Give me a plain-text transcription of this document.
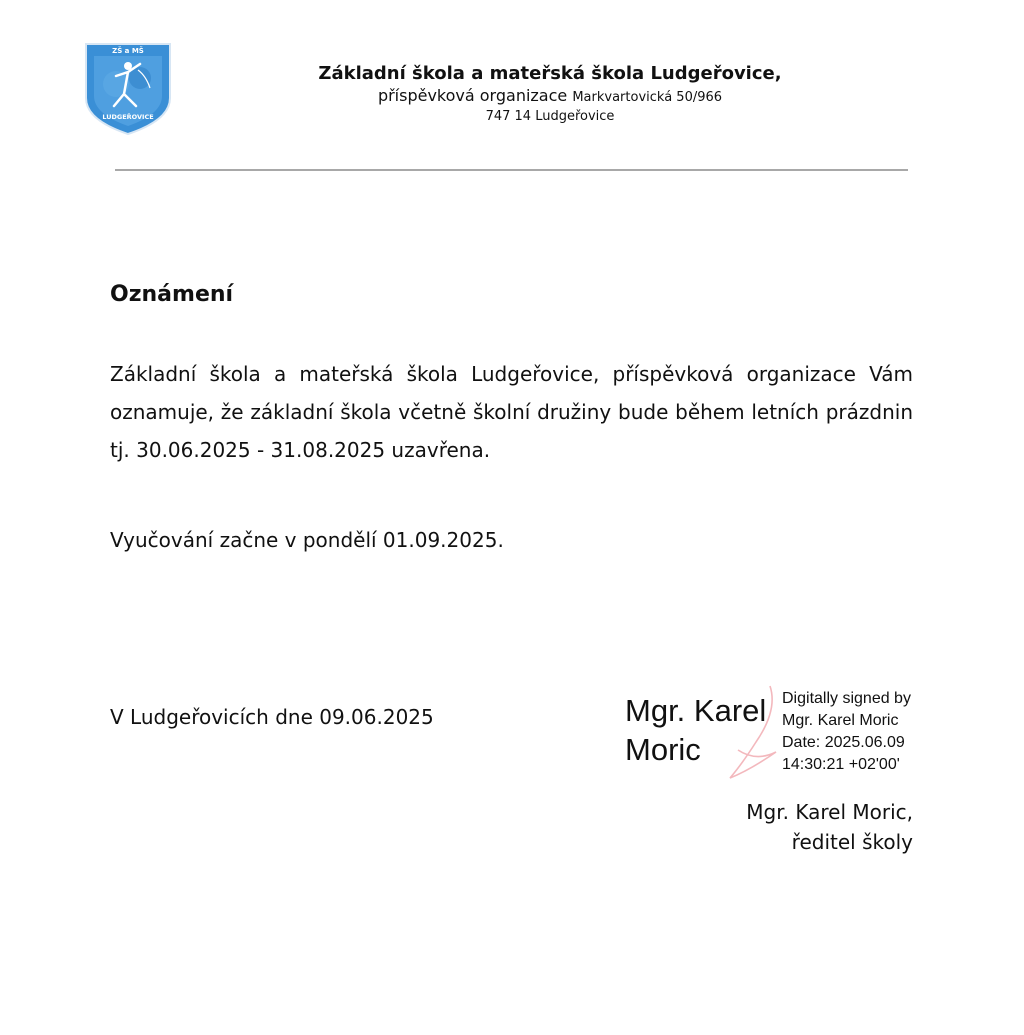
ZŠ a MŠ
LUDGEŘOVICE
Základní škola a mateřská škola Ludgeřovice,
příspěvková organizace Markvartovická 50/966
747 14 Ludgeřovice
Oznámení

Základní škola a mateřská škola Ludgeřovice, příspěvková organizace Vám oznamuje, že základní škola včetně školní družiny bude během letních prázdnin tj. 30.06.2025 - 31.08.2025 uzavřena.

Vyučování začne v pondělí 01.09.2025.

V Ludgeřovicích dne 09.06.2025	Mgr. Karel
Moric
Digitally signed by
Mgr. Karel Moric
Date: 2025.06.09
14:30:21 +02'00'
Mgr. Karel Moric,
ředitel školy
